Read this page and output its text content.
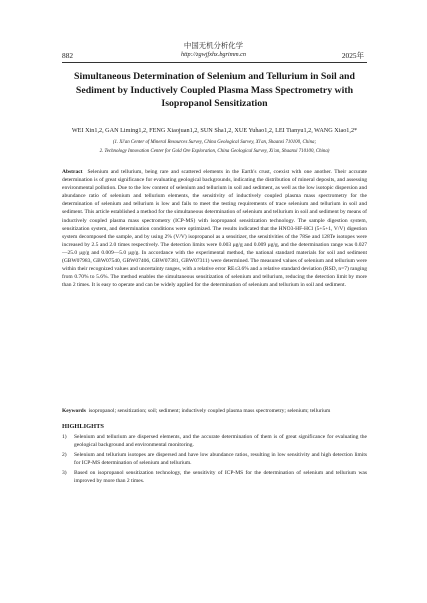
中国无机分析化学
882	http://zgwjfxhx.bgrimm.cn	2025年
Simultaneous Determination of Selenium and Tellurium in Soil and Sediment by Inductively Coupled Plasma Mass Spectrometry with Isopropanol Sensitization
WEI Xin1,2, GAN Liming1,2, FENG Xiaojuan1,2, SUN Sha1,2, XUE Yuhao1,2, LEI Tianyu1,2, WANG Xiao1,2*
(1. Xi'an Center of Mineral Resources Survey, China Geological Survey, Xi'an, Shaanxi 710100, China;
2. Technology Innovation Center for Gold Ore Exploration, China Geological Survey, Xi'an, Shaanxi 710100, China)
Abstract Selenium and tellurium, being rare and scattered elements in the Earth's crust, coexist with one another. Their accurate determination is of great significance for evaluating geological backgrounds, indicating the distribution of mineral deposits, and assessing environmental pollution. Due to the low content of selenium and tellurium in soil and sediment, as well as the low isotopic dispersion and abundance ratio of selenium and tellurium elements, the sensitivity of inductively coupled plasma mass spectrometry for the determination of selenium and tellurium is low and fails to meet the testing requirements of trace selenium and tellurium in soil and sediment. This article established a method for the simultaneous determination of selenium and tellurium in soil and sediment by means of inductively coupled plasma mass spectrometry (ICP-MS) with isopropanol sensitization technology. The sample digestion system, sensitization system, and determination conditions were optimized. The results indicated that the HNO3-HF-HCl (5+5+1, V/V) digestion system decomposed the sample, and by using 2% (V/V) isopropanol as a sensitizer, the sensitivities of the 78Se and 128Te isotopes were increased by 2.5 and 2.0 times respectively. The detection limits were 0.003 μg/g and 0.009 μg/g, and the determination range was 0.027—25.0 μg/g and 0.009—5.0 μg/g. In accordance with the experimental method, the national standard materials for soil and sediment (GBW07983, GBW07540, GBW07406, GBW07381, GBW07311) were determined. The measured values of selenium and tellurium were within their recognized values and uncertainty ranges, with a relative error RE≤3.6% and a relative standard deviation (RSD, n=7) ranging from 0.70% to 5.6%. The method enables the simultaneous sensitization of selenium and tellurium, reducing the detection limit by more than 2 times. It is easy to operate and can be widely applied for the determination of selenium and tellurium in soil and sediment.
Keywords isopropanol; sensitization; soil; sediment; inductively coupled plasma mass spectrometry; selenium; tellurium
HIGHLIGHTS
1)	Selenium and tellurium are dispersed elements, and the accurate determination of them is of great significance for evaluating the geological background and environmental monitoring.
2)	Selenium and tellurium isotopes are dispersed and have low abundance ratios, resulting in low sensitivity and high detection limits for ICP-MS determination of selenium and tellurium.
3)	Based on isopropanol sensitization technology, the sensitivity of ICP-MS for the determination of selenium and tellurium was improved by more than 2 times.
